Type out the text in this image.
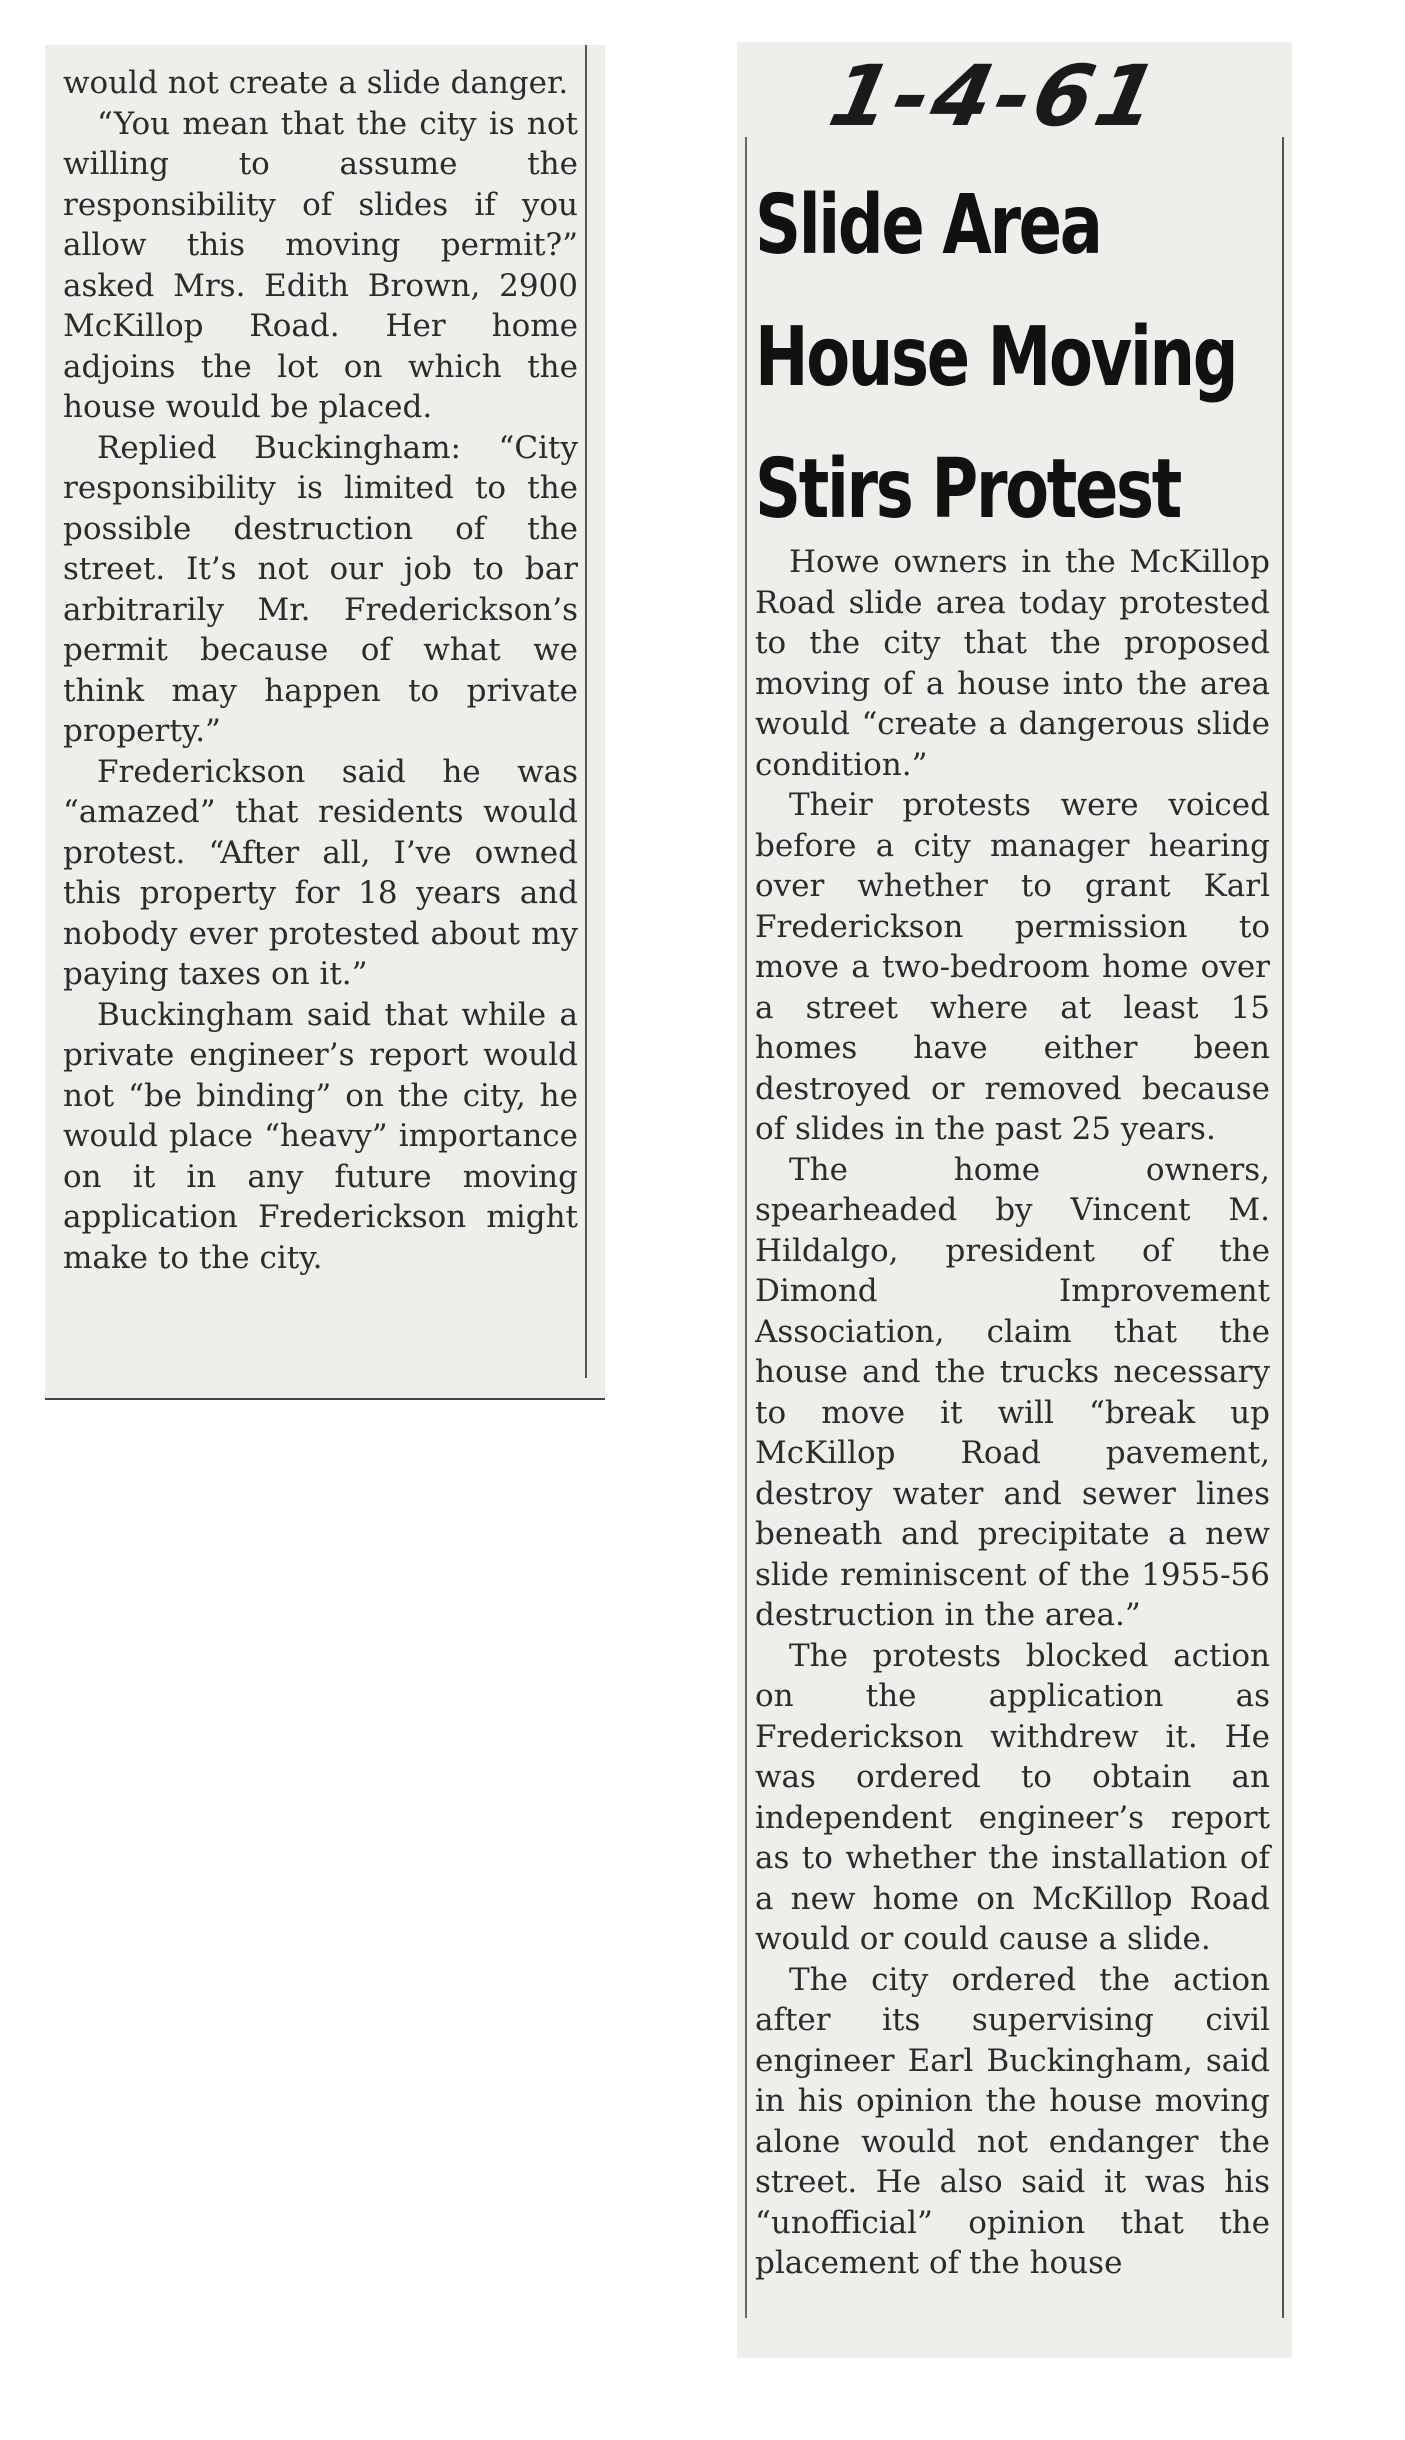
would not create a slide danger.

“You mean that the city is not willing to assume the responsibility of slides if you allow this moving permit?” asked Mrs. Edith Brown, 2900 McKillop Road. Her home adjoins the lot on which the house would be placed.

Replied Buckingham: “City responsibility is limited to the possible destruction of the street. It’s not our job to bar arbitrarily Mr. Frederickson’s permit because of what we think may happen to private property.”

Frederickson said he was “amazed” that residents would protest. “After all, I’ve owned this property for 18 years and nobody ever protested about my paying taxes on it.”

Buckingham said that while a private engineer’s report would not “be binding” on the city, he would place “heavy” importance on it in any future moving application Frederickson might make to the city.

1-4-61
Slide Area
House Moving
Stirs Protest

Howe owners in the McKillop Road slide area today protested to the city that the proposed moving of a house into the area would “create a dangerous slide condition.”

Their protests were voiced before a city manager hearing over whether to grant Karl Frederickson permission to move a two-bedroom home over a street where at least 15 homes have either been destroyed or removed because of slides in the past 25 years.

The home owners, spearheaded by Vincent M. Hildalgo, president of the Dimond Improvement Association, claim that the house and the trucks necessary to move it will “break up McKillop Road pavement, destroy water and sewer lines beneath and precipitate a new slide reminiscent of the 1955-56 destruction in the area.”

The protests blocked action on the application as Frederickson withdrew it. He was ordered to obtain an independent engineer’s report as to whether the installation of a new home on McKillop Road would or could cause a slide.

The city ordered the action after its supervising civil engineer Earl Buckingham, said in his opinion the house moving alone would not endanger the street. He also said it was his “unofficial” opinion that the placement of the house
